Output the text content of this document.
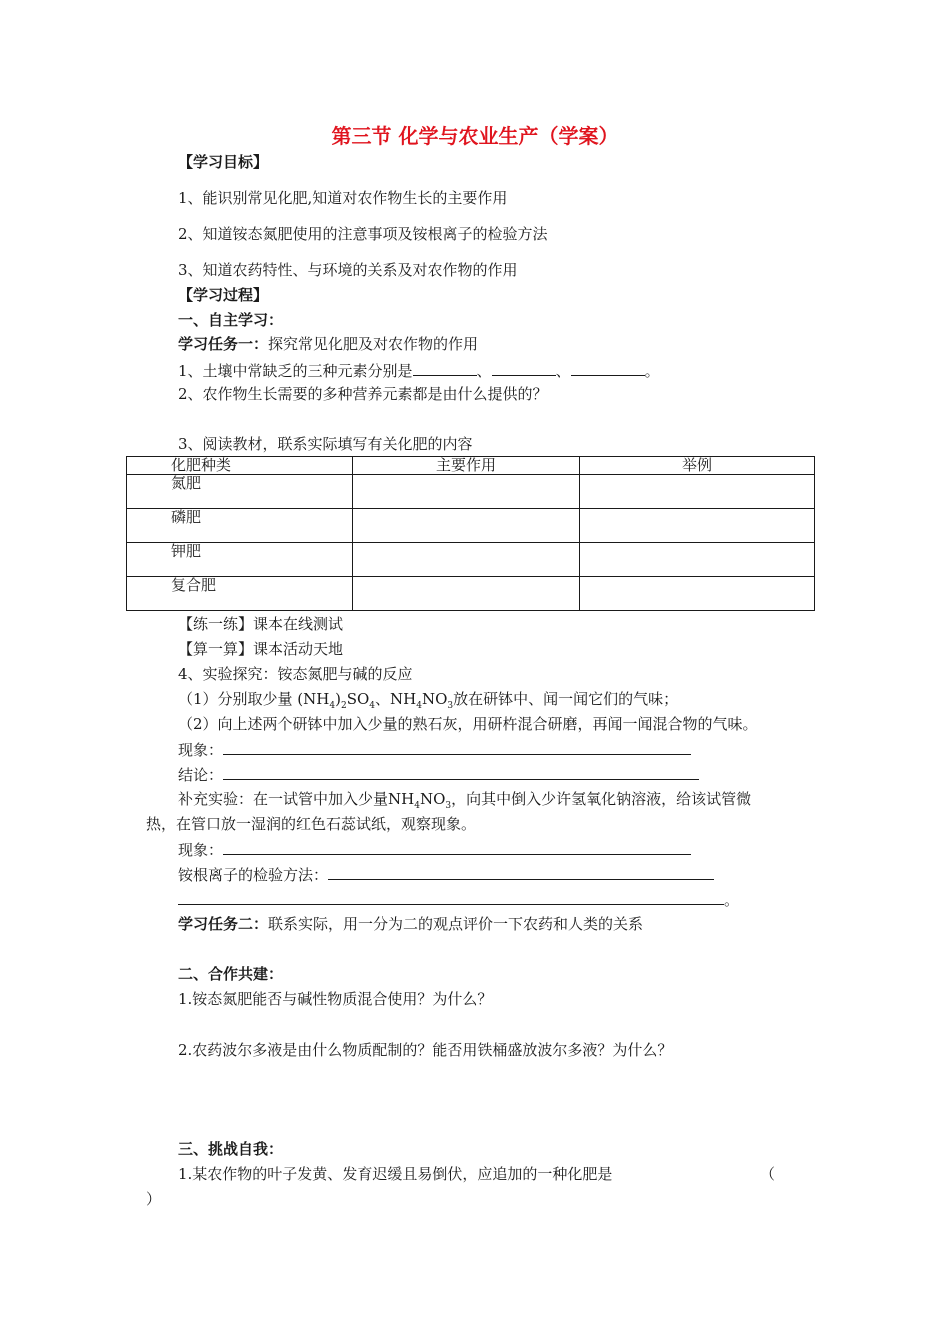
第三节 化学与农业生产（学案）
【学习目标】
1、能识别常见化肥,知道对农作物生长的主要作用
2、知道铵态氮肥使用的注意事项及铵根离子的检验方法
3、知道农药特性、与环境的关系及对农作物的作用
【学习过程】
一、自主学习：
学习任务一：探究常见化肥及对农作物的作用
1、土壤中常缺乏的三种元素分别是	、	、	。
2、农作物生长需要的多种营养元素都是由什么提供的？
3、阅读教材，联系实际填写有关化肥的内容
化肥种类	主要作用	举例
氮肥		
磷肥		
钾肥		
复合肥		
【练一练】课本在线测试
【算一算】课本活动天地
4、实验探究：铵态氮肥与碱的反应
（1）分别取少量 $(NH_4)_2SO_4$、$NH_4NO_3$放在研钵中、闻一闻它们的气味；
（2）向上述两个研钵中加入少量的熟石灰，用研杵混合研磨，再闻一闻混合物的气味。
现象：
结论：
补充实验：在一试管中加入少量$NH_4NO_3$，向其中倒入少许氢氧化钠溶液，给该试管微
热，在管口放一湿润的红色石蕊试纸，观察现象。
现象：
铵根离子的检验方法：
。
学习任务二：联系实际，用一分为二的观点评价一下农药和人类的关系
二、合作共建：
1.铵态氮肥能否与碱性物质混合使用？为什么？
2.农药波尔多液是由什么物质配制的？能否用铁桶盛放波尔多液？为什么？
三、挑战自我：
1.某农作物的叶子发黄、发育迟缓且易倒伏，应追加的一种化肥是	（
）
